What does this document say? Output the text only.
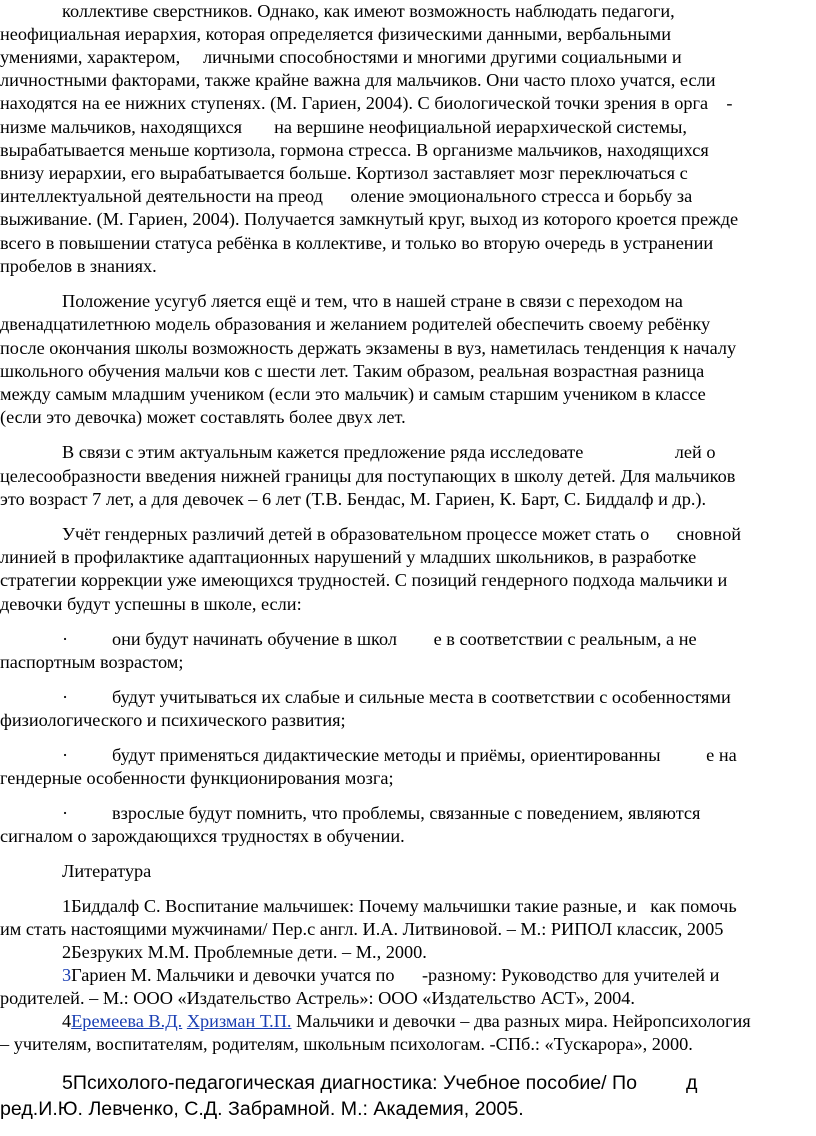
коллективе сверстников. Однако, как имеют возможность наблюдать педагоги,
неофициальная иерархия, которая определяется физическими данными, вербальными
умениями, характером,     личными способностями и многими другими социальными и
личностными факторами, также крайне важна для мальчиков. Они часто плохо учатся, если
находятся на ее нижних ступенях. (М. Гариен, 2004). С биологической точки зрения в орга    -
низме мальчиков, находящихся       на вершине неофициальной иерархической системы,
вырабатывается меньше кортизола, гормона стресса. В организме мальчиков, находящихся
внизу иерархии, его вырабатывается больше. Кортизол заставляет мозг переключаться с
интеллектуальной деятельности на преод      оление эмоционального стресса и борьбу за
выживание. (М. Гариен, 2004). Получается замкнутый круг, выход из которого кроется прежде
всего в повышении статуса ребёнка в коллективе, и только во вторую очередь в устранении
пробелов в знаниях.
Положение усугуб ляется ещё и тем, что в нашей стране в связи с переходом на
двенадцатилетнюю модель образования и желанием родителей обеспечить своему ребёнку
после окончания школы возможность держать экзамены в вуз, наметилась тенденция к началу
школьного обучения мальчи ков с шести лет. Таким образом, реальная возрастная разница
между самым младшим учеником (если это мальчик) и самым старшим учеником в классе
(если это девочка) может составлять более двух лет.
В связи с этим актуальным кажется предложение ряда исследовате                    лей о
целесообразности введения нижней границы для поступающих в школу детей. Для мальчиков
это возраст 7 лет, а для девочек – 6 лет (Т.В. Бендас, М. Гариен, К. Барт, С. Биддалф и др.).
Учёт гендерных различий детей в образовательном процессе может стать о      сновной
линией в профилактике адаптационных нарушений у младших школьников, в разработке
стратегии коррекции уже имеющихся трудностей. С позиций гендерного подхода мальчики и
девочки будут успешны в школе, если:
· они будут начинать обучение в школ        е в соответствии с реальным, а не
паспортным возрастом;
· будут учитываться их слабые и сильные места в соответствии с особенностями
физиологического и психического развития;
· будут применяться дидактические методы и приёмы, ориентированны          е на
гендерные особенности функционирования мозга;
· взрослые будут помнить, что проблемы, связанные с поведением, являются
сигналом о зарождающихся трудностях в обучении.
Литература
1Биддалф С. Воспитание мальчишек: Почему мальчишки такие разные, и   как помочь
им стать настоящими мужчинами/ Пер.с англ. И.А. Литвиновой. – М.: РИПОЛ классик, 2005
2Безруких М.М. Проблемные дети. – М., 2000.
3Гариен М. Мальчики и девочки учатся по      -разному: Руководство для учителей и
родителей. – М.: ООО «Издательство Астрель»: ООО «Издательство АСТ», 2004.
4Еремеева В.Д. Хризман Т.П. Мальчики и девочки – два разных мира. Нейропсихология
– учителям, воспитателям, родителям, школьным психологам. -СПб.: «Тускарора», 2000.
5Психолого-педагогическая диагностика: Учебное пособие/ По         д
ред.И.Ю. Левченко, С.Д. Забрамной. М.: Академия, 2005.
